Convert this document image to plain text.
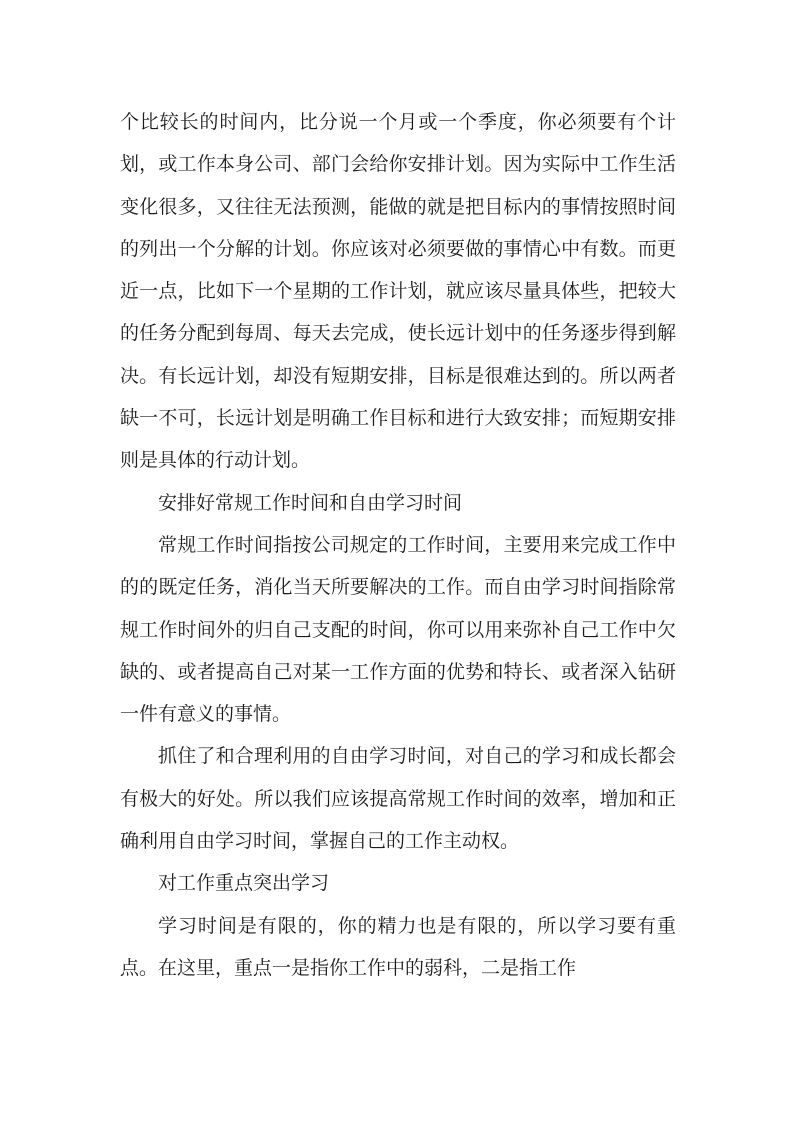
个比较长的时间内，比分说一个月或一个季度，你必须要有个计划，或工作本身公司、部门会给你安排计划。因为实际中工作生活变化很多，又往往无法预测，能做的就是把目标内的事情按照时间的列出一个分解的计划。你应该对必须要做的事情心中有数。而更近一点，比如下一个星期的工作计划，就应该尽量具体些，把较大的任务分配到每周、每天去完成，使长远计划中的任务逐步得到解决。有长远计划，却没有短期安排，目标是很难达到的。所以两者缺一不可，长远计划是明确工作目标和进行大致安排；而短期安排则是具体的行动计划。

安排好常规工作时间和自由学习时间

常规工作时间指按公司规定的工作时间，主要用来完成工作中的的既定任务，消化当天所要解决的工作。而自由学习时间指除常规工作时间外的归自己支配的时间，你可以用来弥补自己工作中欠缺的、或者提高自己对某一工作方面的优势和特长、或者深入钻研一件有意义的事情。

抓住了和合理利用的自由学习时间，对自己的学习和成长都会有极大的好处。所以我们应该提高常规工作时间的效率，增加和正确利用自由学习时间，掌握自己的工作主动权。

对工作重点突出学习

学习时间是有限的，你的精力也是有限的，所以学习要有重点。在这里，重点一是指你工作中的弱科，二是指工作
